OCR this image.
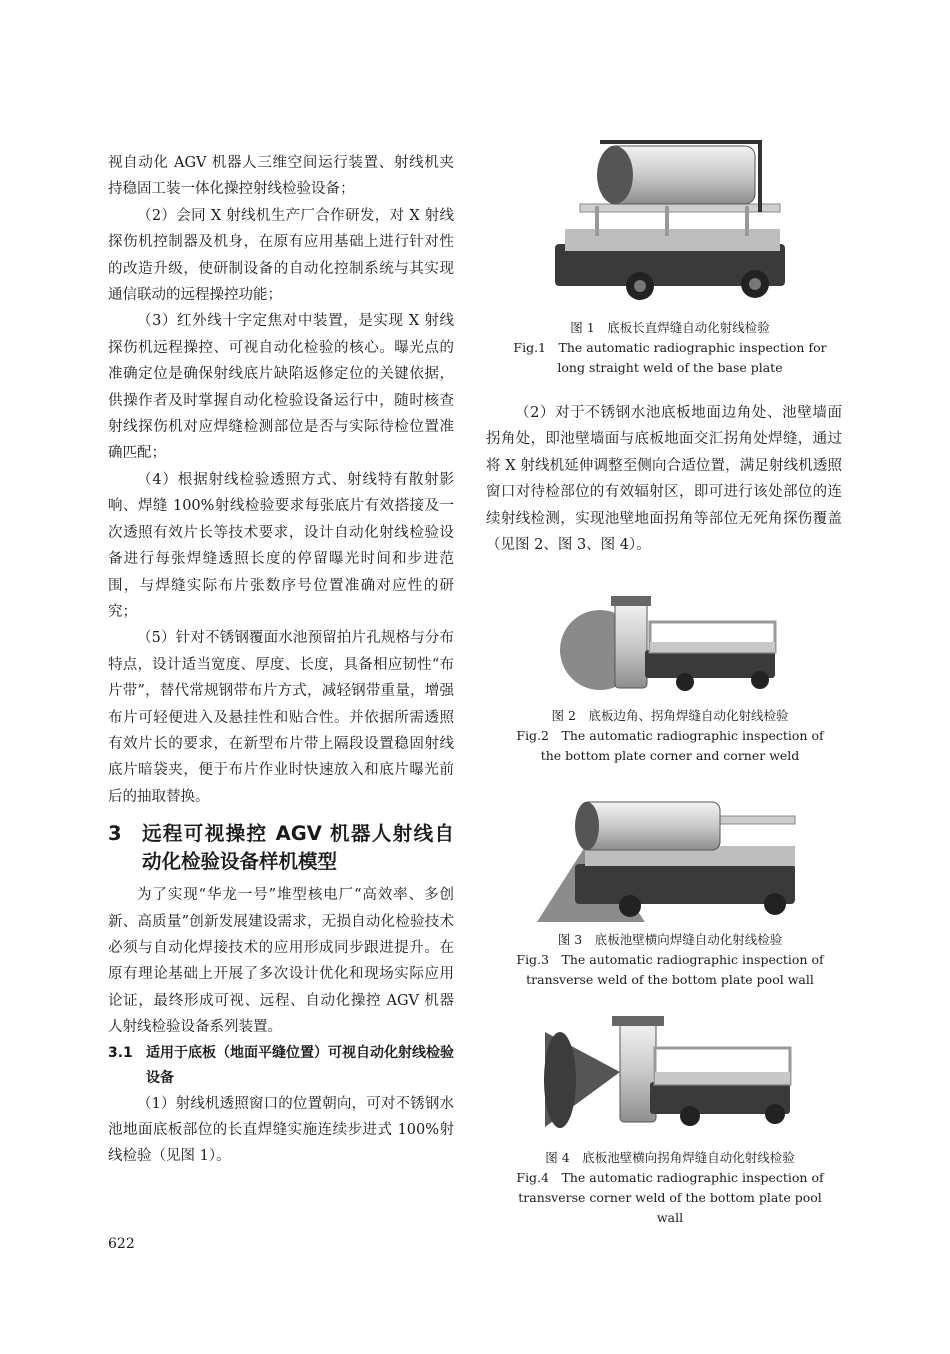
视自动化 AGV 机器人三维空间运行装置、射线机夹持稳固工装一体化操控射线检验设备；

（2）会同 X 射线机生产厂合作研发，对 X 射线探伤机控制器及机身，在原有应用基础上进行针对性的改造升级，使研制设备的自动化控制系统与其实现通信联动的远程操控功能；

（3）红外线十字定焦对中装置，是实现 X 射线探伤机远程操控、可视自动化检验的核心。曝光点的准确定位是确保射线底片缺陷返修定位的关键依据，供操作者及时掌握自动化检验设备运行中，随时核查射线探伤机对应焊缝检测部位是否与实际待检位置准确匹配；

（4）根据射线检验透照方式、射线特有散射影响、焊缝 100%射线检验要求每张底片有效搭接及一次透照有效片长等技术要求，设计自动化射线检验设备进行每张焊缝透照长度的停留曝光时间和步进范围，与焊缝实际布片张数序号位置准确对应性的研究；

（5）针对不锈钢覆面水池预留拍片孔规格与分布特点，设计适当宽度、厚度、长度，具备相应韧性“布片带”，替代常规钢带布片方式，减轻钢带重量，增强布片可轻便进入及悬挂性和贴合性。并依据所需透照有效片长的要求，在新型布片带上隔段设置稳固射线底片暗袋夹，便于布片作业时快速放入和底片曝光前后的抽取替换。

3	远程可视操控 AGV 机器人射线自动化检验设备样机模型

为了实现“华龙一号”堆型核电厂“高效率、多创新、高质量”创新发展建设需求，无损自动化检验技术必须与自动化焊接技术的应用形成同步跟进提升。在原有理论基础上开展了多次设计优化和现场实际应用论证，最终形成可视、远程、自动化操控 AGV 机器人射线检验设备系列装置。

3.1 适用于底板（地面平缝位置）可视自动化射线检验设备

（1）射线机透照窗口的位置朝向，可对不锈钢水池地面底板部位的长直焊缝实施连续步进式 100%射线检验（见图 1）。

图 1　底板长直焊缝自动化射线检验
Fig.1　The automatic radiographic inspection for long straight weld of the base plate

（2）对于不锈钢水池底板地面边角处、池壁墙面拐角处，即池壁墙面与底板地面交汇拐角处焊缝，通过将 X 射线机延伸调整至侧向合适位置，满足射线机透照窗口对待检部位的有效辐射区，即可进行该处部位的连续射线检测，实现池壁地面拐角等部位无死角探伤覆盖（见图 2、图 3、图 4）。

图 2　底板边角、拐角焊缝自动化射线检验
Fig.2　The automatic radiographic inspection of the bottom plate corner and corner weld
图 3　底板池壁横向焊缝自动化射线检验
Fig.3　The automatic radiographic inspection of transverse weld of the bottom plate pool wall
图 4　底板池壁横向拐角焊缝自动化射线检验
Fig.4　The automatic radiographic inspection of transverse corner weld of the bottom plate pool wall
622
